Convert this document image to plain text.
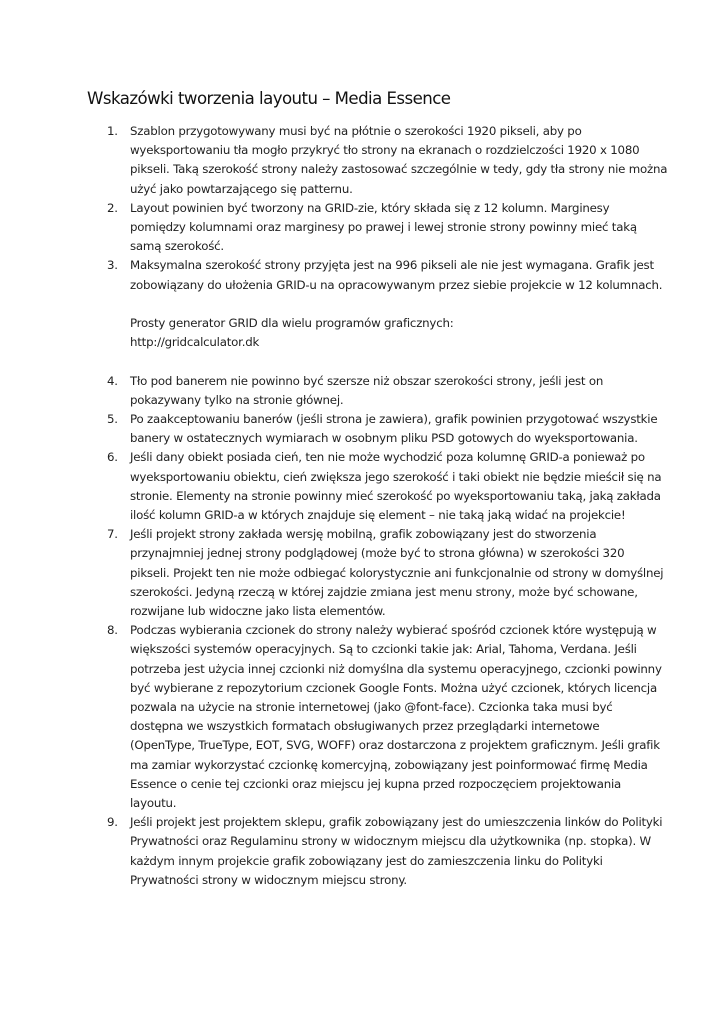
Wskazówki tworzenia layoutu – Media Essence
1. Szablon przygotowywany musi być na płótnie o szerokości 1920 pikseli, aby po
wyeksportowaniu tła mogło przykryć tło strony na ekranach o rozdzielczości 1920 x 1080
pikseli. Taką szerokość strony należy zastosować szczególnie w tedy, gdy tła strony nie można
użyć jako powtarzającego się patternu.
2. Layout powinien być tworzony na GRID-zie, który składa się z 12 kolumn. Marginesy
pomiędzy kolumnami oraz marginesy po prawej i lewej stronie strony powinny mieć taką
samą szerokość.
3. Maksymalna szerokość strony przyjęta jest na 996 pikseli ale nie jest wymagana. Grafik jest
zobowiązany do ułożenia GRID-u na opracowywanym przez siebie projekcie w 12 kolumnach.
Prosty generator GRID dla wielu programów graficznych:
http://gridcalculator.dk
4. Tło pod banerem nie powinno być szersze niż obszar szerokości strony, jeśli jest on
pokazywany tylko na stronie głównej.
5. Po zaakceptowaniu banerów (jeśli strona je zawiera), grafik powinien przygotować wszystkie
banery w ostatecznych wymiarach w osobnym pliku PSD gotowych do wyeksportowania.
6. Jeśli dany obiekt posiada cień, ten nie może wychodzić poza kolumnę GRID-a ponieważ po
wyeksportowaniu obiektu, cień zwiększa jego szerokość i taki obiekt nie będzie mieścił się na
stronie. Elementy na stronie powinny mieć szerokość po wyeksportowaniu taką, jaką zakłada
ilość kolumn GRID-a w których znajduje się element – nie taką jaką widać na projekcie!
7. Jeśli projekt strony zakłada wersję mobilną, grafik zobowiązany jest do stworzenia
przynajmniej jednej strony podglądowej (może być to strona główna) w szerokości 320
pikseli. Projekt ten nie może odbiegać kolorystycznie ani funkcjonalnie od strony w domyślnej
szerokości. Jedyną rzeczą w której zajdzie zmiana jest menu strony, może być schowane,
rozwijane lub widoczne jako lista elementów.
8. Podczas wybierania czcionek do strony należy wybierać spośród czcionek które występują w
większości systemów operacyjnych. Są to czcionki takie jak: Arial, Tahoma, Verdana. Jeśli
potrzeba jest użycia innej czcionki niż domyślna dla systemu operacyjnego, czcionki powinny
być wybierane z repozytorium czcionek Google Fonts. Można użyć czcionek, których licencja
pozwala na użycie na stronie internetowej (jako @font-face). Czcionka taka musi być
dostępna we wszystkich formatach obsługiwanych przez przeglądarki internetowe
(OpenType, TrueType, EOT, SVG, WOFF) oraz dostarczona z projektem graficznym. Jeśli grafik
ma zamiar wykorzystać czcionkę komercyjną, zobowiązany jest poinformować firmę Media
Essence o cenie tej czcionki oraz miejscu jej kupna przed rozpoczęciem projektowania
layoutu.
9. Jeśli projekt jest projektem sklepu, grafik zobowiązany jest do umieszczenia linków do Polityki
Prywatności oraz Regulaminu strony w widocznym miejscu dla użytkownika (np. stopka). W
każdym innym projekcie grafik zobowiązany jest do zamieszczenia linku do Polityki
Prywatności strony w widocznym miejscu strony.
